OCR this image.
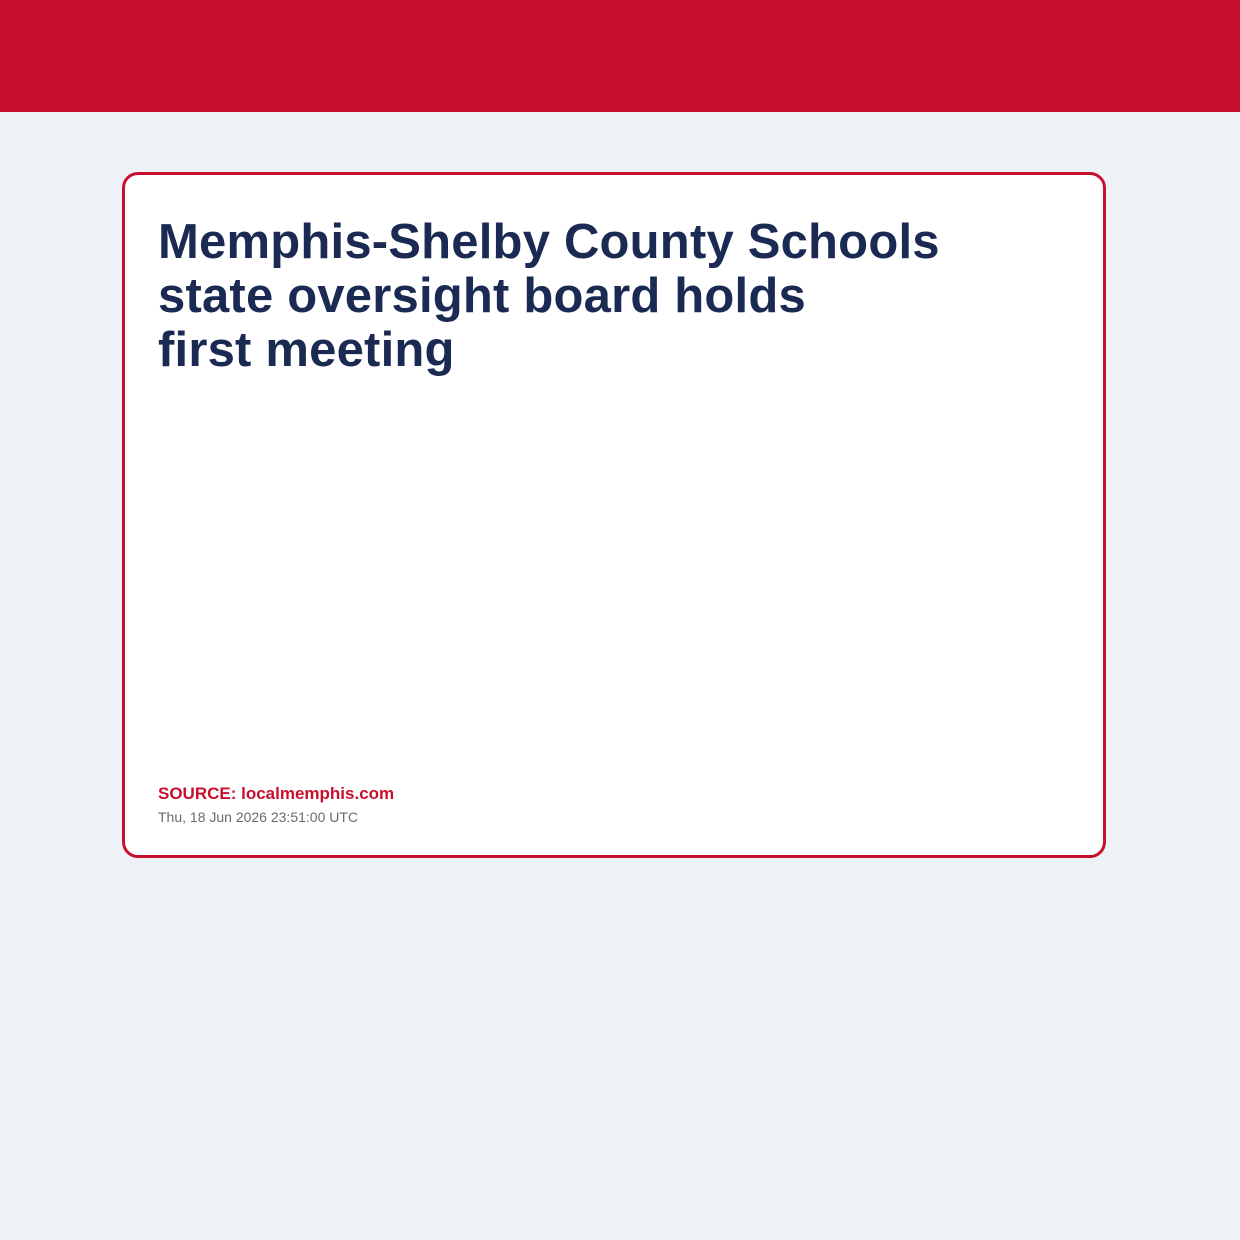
Memphis-Shelby County Schools
state oversight board holds
first meeting

SOURCE: localmemphis.com

Thu, 18 Jun 2026 23:51:00 UTC
